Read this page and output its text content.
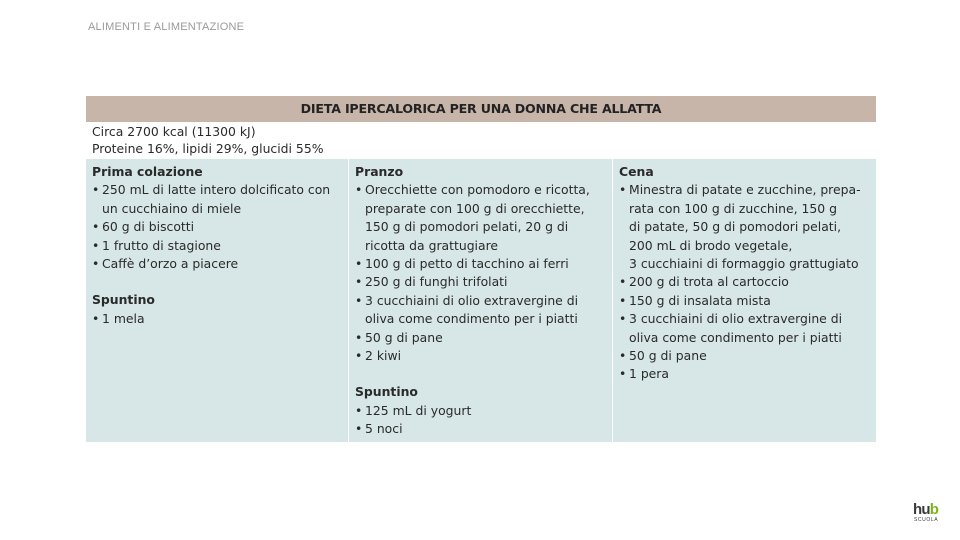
ALIMENTI E ALIMENTAZIONE
DIETA IPERCALORICA PER UNA DONNA CHE ALLATTA
Circa 2700 kcal (11300 kJ)
Proteine 16%, lipidi 29%, glucidi 55%
Prima colazione
• 250 mL di latte intero dolcificato con
un cucchiaino di miele
• 60 g di biscotti
• 1 frutto di stagione
• Caffè d’orzo a piacere
Spuntino
• 1 mela
Pranzo
• Orecchiette con pomodoro e ricotta,
preparate con 100 g di orecchiette,
150 g di pomodori pelati, 20 g di
ricotta da grattugiare
• 100 g di petto di tacchino ai ferri
• 250 g di funghi trifolati
• 3 cucchiaini di olio extravergine di
oliva come condimento per i piatti
• 50 g di pane
• 2 kiwi
Spuntino
• 125 mL di yogurt
• 5 noci
Cena
• Minestra di patate e zucchine, prepa-
rata con 100 g di zucchine, 150 g
di patate, 50 g di pomodori pelati,
200 mL di brodo vegetale,
3 cucchiaini di formaggio grattugiato
• 200 g di trota al cartoccio
• 150 g di insalata mista
• 3 cucchiaini di olio extravergine di
oliva come condimento per i piatti
• 50 g di pane
• 1 pera
hub
SCUOLA
